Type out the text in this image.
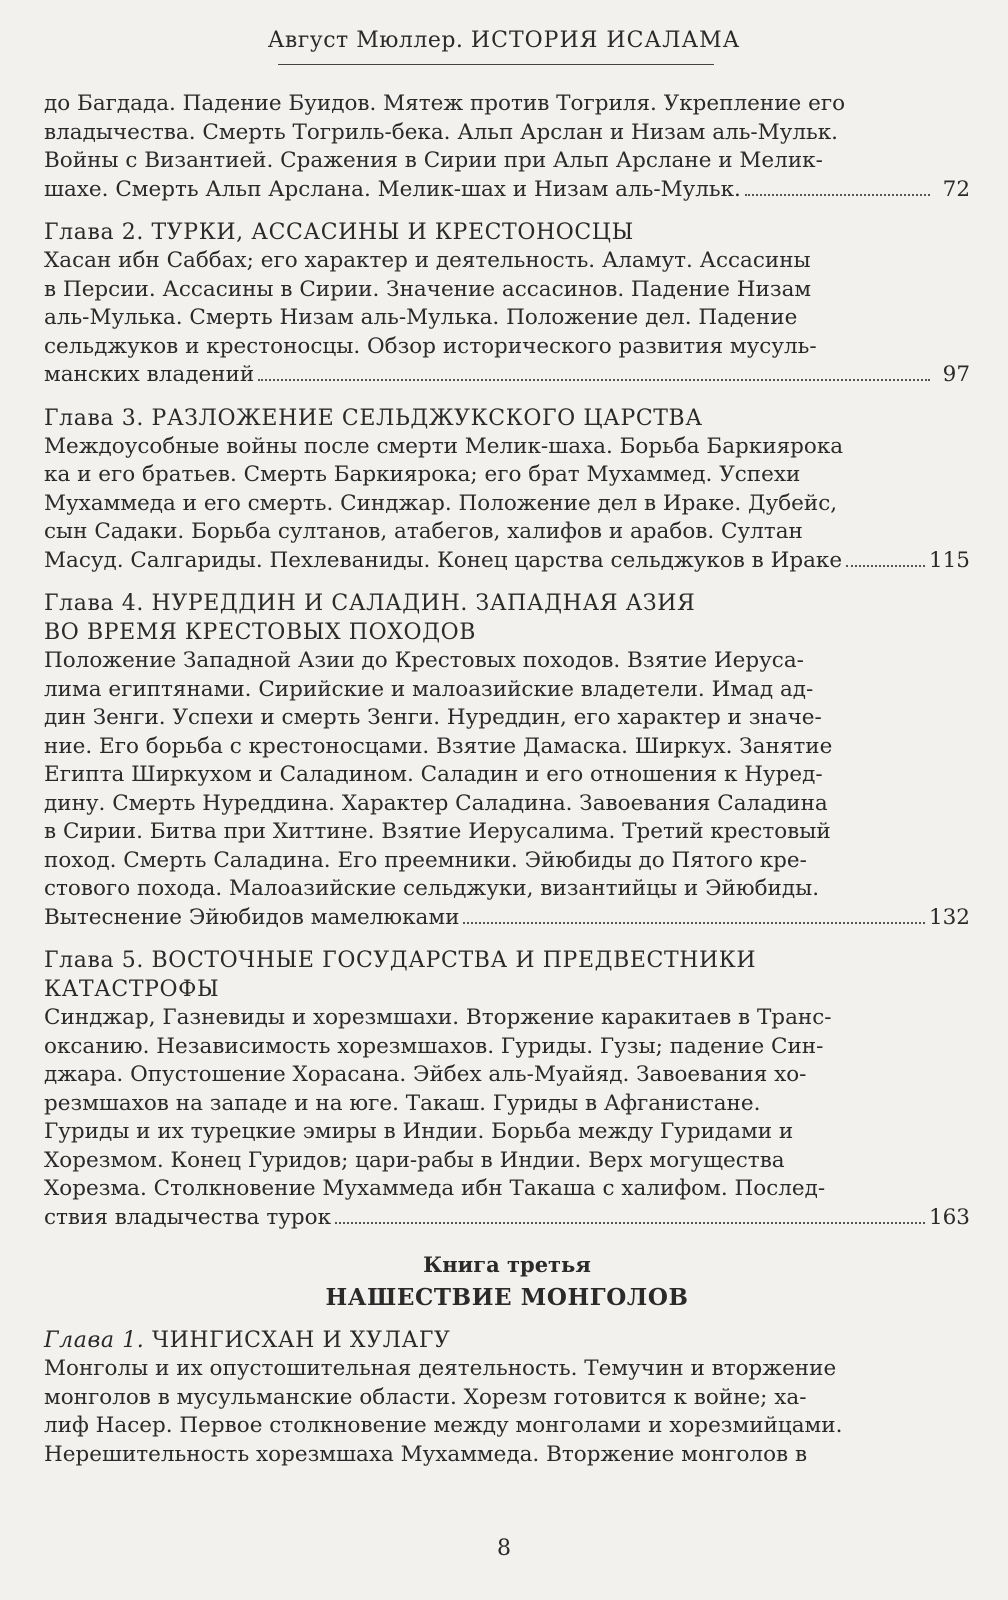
Август Мюллер. ИСТОРИЯ ИСАЛАМА
до Багдада. Падение Буидов. Мятеж против Тогриля. Укрепление его
владычества. Смерть Тогриль-бека. Альп Арслан и Низам аль-Мульк.
Войны с Византией. Сражения в Сирии при Альп Арслане и Мелик-
шахе. Смерть Альп Арслана. Мелик-шах и Низам аль-Мульк.	72
Глава 2. ТУРКИ, АССАСИНЫ И КРЕСТОНОСЦЫ
Хасан ибн Саббах; его характер и деятельность. Аламут. Ассасины
в Персии. Ассасины в Сирии. Значение ассасинов. Падение Низам
аль-Мулька. Смерть Низам аль-Мулька. Положение дел. Падение
сельджуков и крестоносцы. Обзор исторического развития мусуль-
манских владений	97
Глава 3. РАЗЛОЖЕНИЕ СЕЛЬДЖУКСКОГО ЦАРСТВА
Междоусобные войны после смерти Мелик-шаха. Борьба Баркиярока
ка и его братьев. Смерть Баркиярока; его брат Мухаммед. Успехи
Мухаммеда и его смерть. Синджар. Положение дел в Ираке. Дубейс,
сын Садаки. Борьба султанов, атабегов, халифов и арабов. Султан
Масуд. Салгариды. Пехлеваниды. Конец царства сельджуков в Ираке	115
Глава 4. НУРЕДДИН И САЛАДИН. ЗАПАДНАЯ АЗИЯ
ВО ВРЕМЯ КРЕСТОВЫХ ПОХОДОВ
Положение Западной Азии до Крестовых походов. Взятие Иеруса-
лима египтянами. Сирийские и малоазийские владетели. Имад ад-
дин Зенги. Успехи и смерть Зенги. Нуреддин, его характер и значе-
ние. Его борьба с крестоносцами. Взятие Дамаска. Ширкух. Занятие
Египта Ширкухом и Саладином. Саладин и его отношения к Нуред-
дину. Смерть Нуреддина. Характер Саладина. Завоевания Саладина
в Сирии. Битва при Хиттине. Взятие Иерусалима. Третий крестовый
поход. Смерть Саладина. Его преемники. Эйюбиды до Пятого кре-
стового похода. Малоазийские сельджуки, византийцы и Эйюбиды.
Вытеснение Эйюбидов мамелюками	132
Глава 5. ВОСТОЧНЫЕ ГОСУДАРСТВА И ПРЕДВЕСТНИКИ
КАТАСТРОФЫ
Синджар, Газневиды и хорезмшахи. Вторжение каракитаев в Транс-
оксанию. Независимость хорезмшахов. Гуриды. Гузы; падение Син-
джара. Опустошение Хорасана. Эйбех аль-Муайяд. Завоевания хо-
резмшахов на западе и на юге. Такаш. Гуриды в Афганистане.
Гуриды и их турецкие эмиры в Индии. Борьба между Гуридами и
Хорезмом. Конец Гуридов; цари-рабы в Индии. Верх могущества
Хорезма. Столкновение Мухаммеда ибн Такаша с халифом. Послед-
ствия владычества турок	163
Книга третья
НАШЕСТВИЕ МОНГОЛОВ
Глава 1. ЧИНГИСХАН И ХУЛАГУ
Монголы и их опустошительная деятельность. Темучин и вторжение
монголов в мусульманские области. Хорезм готовится к войне; ха-
лиф Насер. Первое столкновение между монголами и хорезмийцами.
Нерешительность хорезмшаха Мухаммеда. Вторжение монголов в
8
